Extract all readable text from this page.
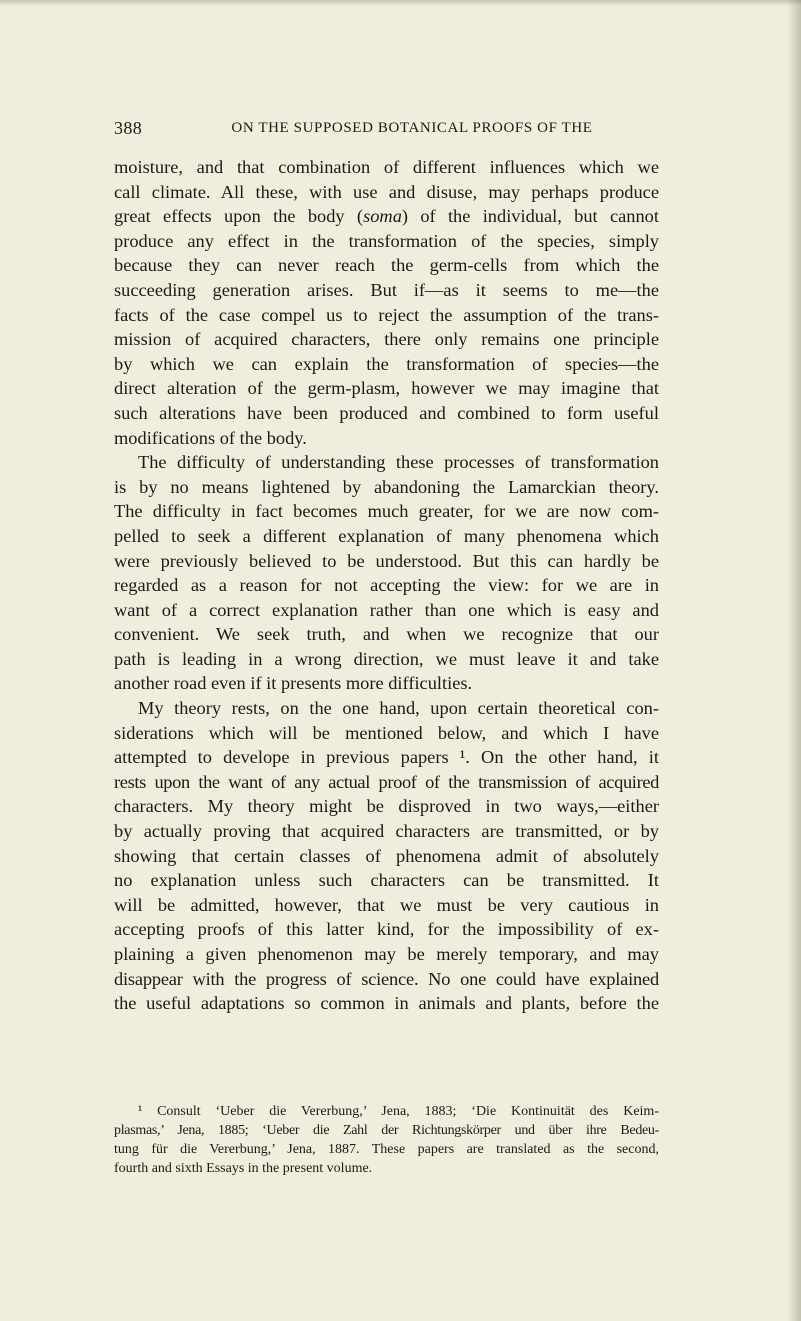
388	ON THE SUPPOSED BOTANICAL PROOFS OF THE
moisture, and that combination of different influences which we
call climate. All these, with use and disuse, may perhaps produce
great effects upon the body (soma) of the individual, but cannot
produce any effect in the transformation of the species, simply
because they can never reach the germ-cells from which the
succeeding generation arises. But if—as it seems to me—the
facts of the case compel us to reject the assumption of the trans-
mission of acquired characters, there only remains one principle
by which we can explain the transformation of species—the
direct alteration of the germ-plasm, however we may imagine that
such alterations have been produced and combined to form useful
modifications of the body.
The difficulty of understanding these processes of transformation
is by no means lightened by abandoning the Lamarckian theory.
The difficulty in fact becomes much greater, for we are now com-
pelled to seek a different explanation of many phenomena which
were previously believed to be understood. But this can hardly be
regarded as a reason for not accepting the view: for we are in
want of a correct explanation rather than one which is easy and
convenient. We seek truth, and when we recognize that our
path is leading in a wrong direction, we must leave it and take
another road even if it presents more difficulties.
My theory rests, on the one hand, upon certain theoretical con-
siderations which will be mentioned below, and which I have
attempted to develope in previous papers ¹. On the other hand, it
rests upon the want of any actual proof of the transmission of acquired
characters. My theory might be disproved in two ways,—either
by actually proving that acquired characters are transmitted, or by
showing that certain classes of phenomena admit of absolutely
no explanation unless such characters can be transmitted. It
will be admitted, however, that we must be very cautious in
accepting proofs of this latter kind, for the impossibility of ex-
plaining a given phenomenon may be merely temporary, and may
disappear with the progress of science. No one could have explained
the useful adaptations so common in animals and plants, before the
¹ Consult ‘Ueber die Vererbung,’ Jena, 1883; ‘Die Kontinuität des Keim-
plasmas,’ Jena, 1885; ‘Ueber die Zahl der Richtungskörper und über ihre Bedeu-
tung für die Vererbung,’ Jena, 1887. These papers are translated as the second,
fourth and sixth Essays in the present volume.
